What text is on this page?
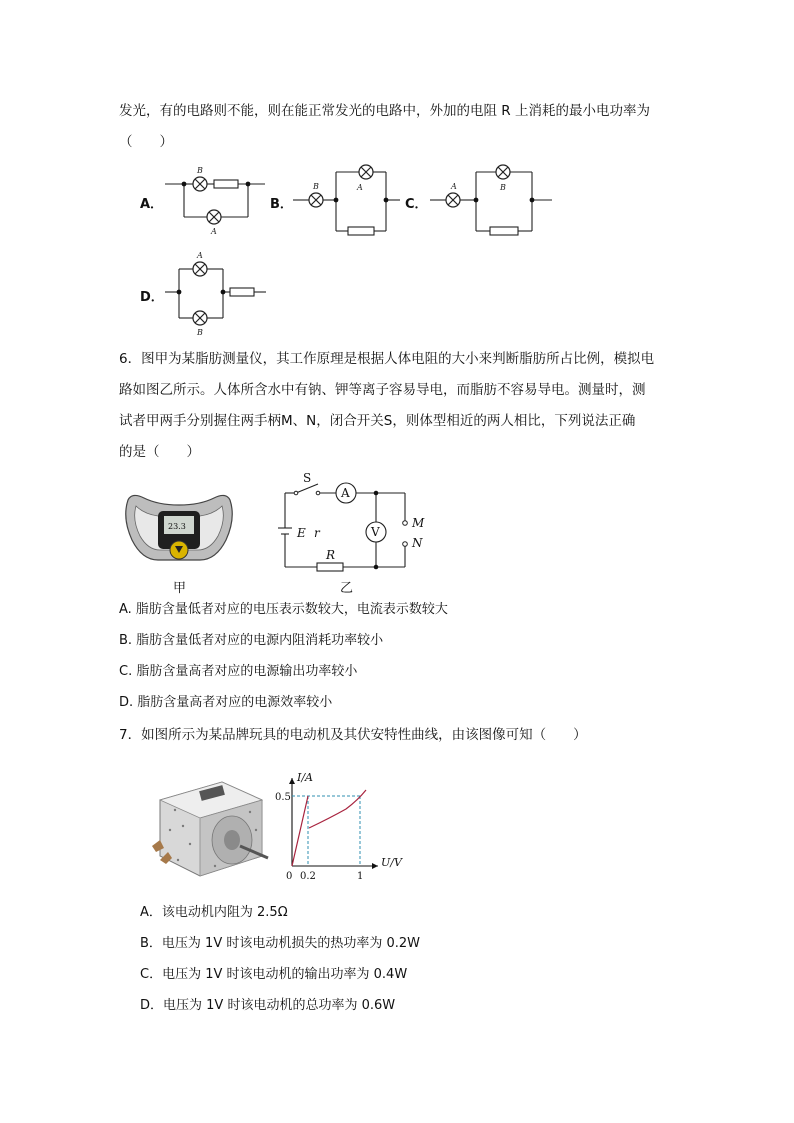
发光，有的电路则不能，则在能正常发光的电路中，外加的电阻 R 上消耗的最小电功率为
（　　）
A．	B．	C．
D．
B
A
B	A	A	B
A
B
6．图甲为某脂肪测量仪，其工作原理是根据人体电阻的大小来判断脂肪所占比例，模拟电
路如图乙所示。人体所含水中有钠、钾等离子容易导电，而脂肪不容易导电。测量时，测
试者甲两手分别握住两手柄M、N，闭合开关S，则体型相近的两人相比，下列说法正确
的是（　　）
23.3
甲
S
A
V
E r
R
M
N
乙
A. 脂肪含量低者对应的电压表示数较大，电流表示数较大
B. 脂肪含量低者对应的电源内阻消耗功率较小
C. 脂肪含量高者对应的电源输出功率较小
D. 脂肪含量高者对应的电源效率较小
7．如图所示为某品牌玩具的电动机及其伏安特性曲线，由该图像可知（　　）
I/A
U/V
0.5
0 0.2	1
A．该电动机内阻为 2.5Ω
B．电压为 1V 时该电动机损失的热功率为 0.2W
C．电压为 1V 时该电动机的输出功率为 0.4W
D．电压为 1V 时该电动机的总功率为 0.6W
